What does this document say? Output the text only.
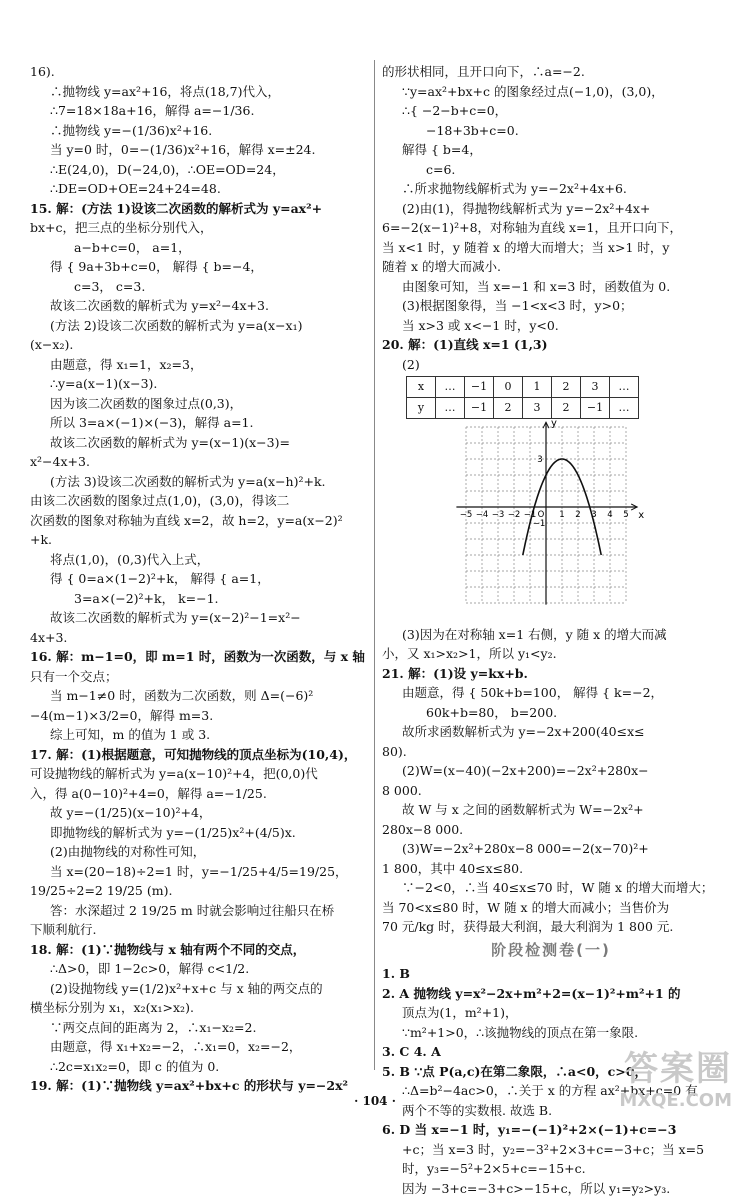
16).
∴抛物线 y=ax²+16，将点(18,7)代入，
∴7=18×18a+16，解得 a=−1/36.
∴抛物线 y=−(1/36)x²+16.
当 y=0 时，0=−(1/36)x²+16，解得 x=±24.
∴E(24,0)，D(−24,0)，∴OE=OD=24，
∴DE=OD+OE=24+24=48.
15. 解：(方法 1)设该二次函数的解析式为 y=ax²+
bx+c，把三点的坐标分别代入，
a−b+c=0， a=1，
得 { 9a+3b+c=0， 解得 { b=−4，
c=3， c=3.
故该二次函数的解析式为 y=x²−4x+3.
(方法 2)设该二次函数的解析式为 y=a(x−x₁)
(x−x₂).
由题意，得 x₁=1，x₂=3，
∴y=a(x−1)(x−3).
因为该二次函数的图象过点(0,3)，
所以 3=a×(−1)×(−3)，解得 a=1.
故该二次函数的解析式为 y=(x−1)(x−3)=
x²−4x+3.
(方法 3)设该二次函数的解析式为 y=a(x−h)²+k.
由该二次函数的图象过点(1,0)，(3,0)，得该二
次函数的图象对称轴为直线 x=2，故 h=2，y=a(x−2)²
+k.
将点(1,0)，(0,3)代入上式，
得 { 0=a×(1−2)²+k， 解得 { a=1，
3=a×(−2)²+k， k=−1.
故该二次函数的解析式为 y=(x−2)²−1=x²−
4x+3.
16. 解：m−1=0，即 m=1 时，函数为一次函数，与 x 轴
只有一个交点；
当 m−1≠0 时，函数为二次函数，则 Δ=(−6)²
−4(m−1)×3/2=0，解得 m=3.
综上可知，m 的值为 1 或 3.
17. 解：(1)根据题意，可知抛物线的顶点坐标为(10,4)，
可设抛物线的解析式为 y=a(x−10)²+4，把(0,0)代
入，得 a(0−10)²+4=0，解得 a=−1/25.
故 y=−(1/25)(x−10)²+4，
即抛物线的解析式为 y=−(1/25)x²+(4/5)x.
(2)由抛物线的对称性可知，
当 x=(20−18)÷2=1 时，y=−1/25+4/5=19/25，
19/25÷2=2 19/25 (m).
答：水深超过 2 19/25 m 时就会影响过往船只在桥
下顺利航行.
18. 解：(1)∵抛物线与 x 轴有两个不同的交点，
∴Δ>0，即 1−2c>0，解得 c<1/2.
(2)设抛物线 y=(1/2)x²+x+c 与 x 轴的两交点的
横坐标分别为 x₁，x₂(x₁>x₂).
∵两交点间的距离为 2，∴x₁−x₂=2.
由题意，得 x₁+x₂=−2，∴x₁=0，x₂=−2，
∴2c=x₁x₂=0，即 c 的值为 0.
19. 解：(1)∵抛物线 y=ax²+bx+c 的形状与 y=−2x²
的形状相同，且开口向下，∴a=−2.
∵y=ax²+bx+c 的图象经过点(−1,0)，(3,0)，
∴{ −2−b+c=0，
−18+3b+c=0.
解得 { b=4，
c=6.
∴所求抛物线解析式为 y=−2x²+4x+6.
(2)由(1)，得抛物线解析式为 y=−2x²+4x+
6=−2(x−1)²+8，对称轴为直线 x=1，且开口向下，
当 x<1 时，y 随着 x 的增大而增大；当 x>1 时，y
随着 x 的增大而减小.
由图象可知，当 x=−1 和 x=3 时，函数值为 0.
(3)根据图象得，当 −1<x<3 时，y>0；
当 x>3 或 x<−1 时，y<0.
20. 解：(1)直线 x=1 (1,3)
(2)
x	…	−1	0	1	2	3	…
y	…	−1	2	3	2	−1	…
−5 −4 −3 −2 −1 O 1 2 3 4 5 x
y
3
−1
(3)因为在对称轴 x=1 右侧，y 随 x 的增大而减
小，又 x₁>x₂>1，所以 y₁<y₂.
21. 解：(1)设 y=kx+b.
由题意，得 { 50k+b=100， 解得 { k=−2，
60k+b=80， b=200.
故所求函数解析式为 y=−2x+200(40≤x≤
80).
(2)W=(x−40)(−2x+200)=−2x²+280x−
8 000.
故 W 与 x 之间的函数解析式为 W=−2x²+
280x−8 000.
(3)W=−2x²+280x−8 000=−2(x−70)²+
1 800，其中 40≤x≤80.
∵−2<0，∴当 40≤x≤70 时，W 随 x 的增大而增大；
当 70<x≤80 时，W 随 x 的增大而减小；当售价为
70 元/kg 时，获得最大利润，最大利润为 1 800 元.
阶段检测卷(一)
1. B
2. A 抛物线 y=x²−2x+m²+2=(x−1)²+m²+1 的
顶点为(1，m²+1)，
∵m²+1>0，∴该抛物线的顶点在第一象限.
3. C 4. A
5. B ∵点 P(a,c)在第二象限，∴a<0，c>0，
∴Δ=b²−4ac>0，∴关于 x 的方程 ax²+bx+c=0 有
两个不等的实数根. 故选 B.
6. D 当 x=−1 时，y₁=−(−1)²+2×(−1)+c=−3
+c；当 x=3 时，y₂=−3²+2×3+c=−3+c；当 x=5
时，y₃=−5²+2×5+c=−15+c.
因为 −3+c=−3+c>−15+c，所以 y₁=y₂>y₃.
· 104 ·
答案圈
MXQE.COM
